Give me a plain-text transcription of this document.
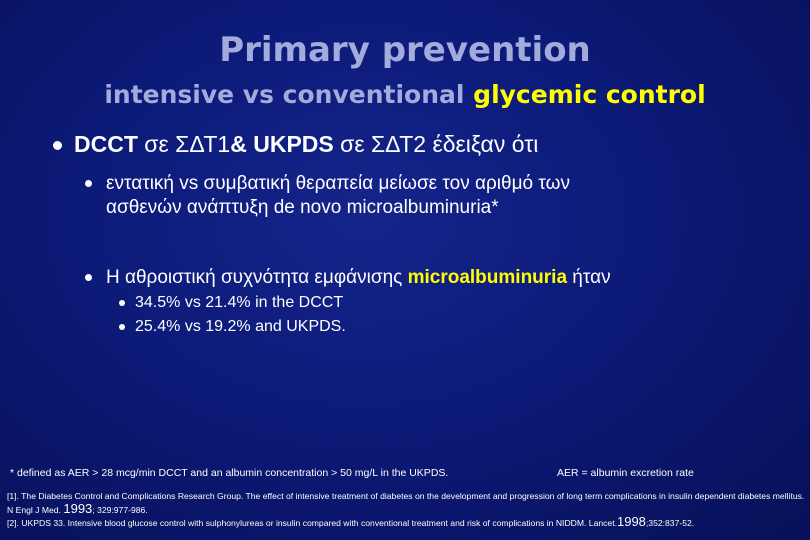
Primary prevention
intensive vs conventional glycemic control
DCCT σε ΣΔΤ1& UKPDS σε ΣΔΤ2 έδειξαν ότι
εντατική vs συμβατική θεραπεία μείωσε τον αριθμό των
ασθενών ανάπτυξη de novo microalbuminuria*
Η αθροιστική συχνότητα εμφάνισης microalbuminuria ήταν
34.5% vs 21.4% in the DCCT
25.4% vs 19.2% and UKPDS.
* defined as AER > 28 mcg/min DCCT and an albumin concentration > 50 mg/L in the UKPDS.	AER = albumin excretion rate
[1]. The Diabetes Control and Complications Research Group. The effect of intensive treatment of diabetes on the development and progression of long term complications in insulin dependent diabetes mellitus. N Engl J Med. 1993; 329:977-986.
[2]. UKPDS 33. Intensive blood glucose control with sulphonylureas or insulin compared with conventional treatment and risk of complications in NIDDM. Lancet.1998;352:837-52.
